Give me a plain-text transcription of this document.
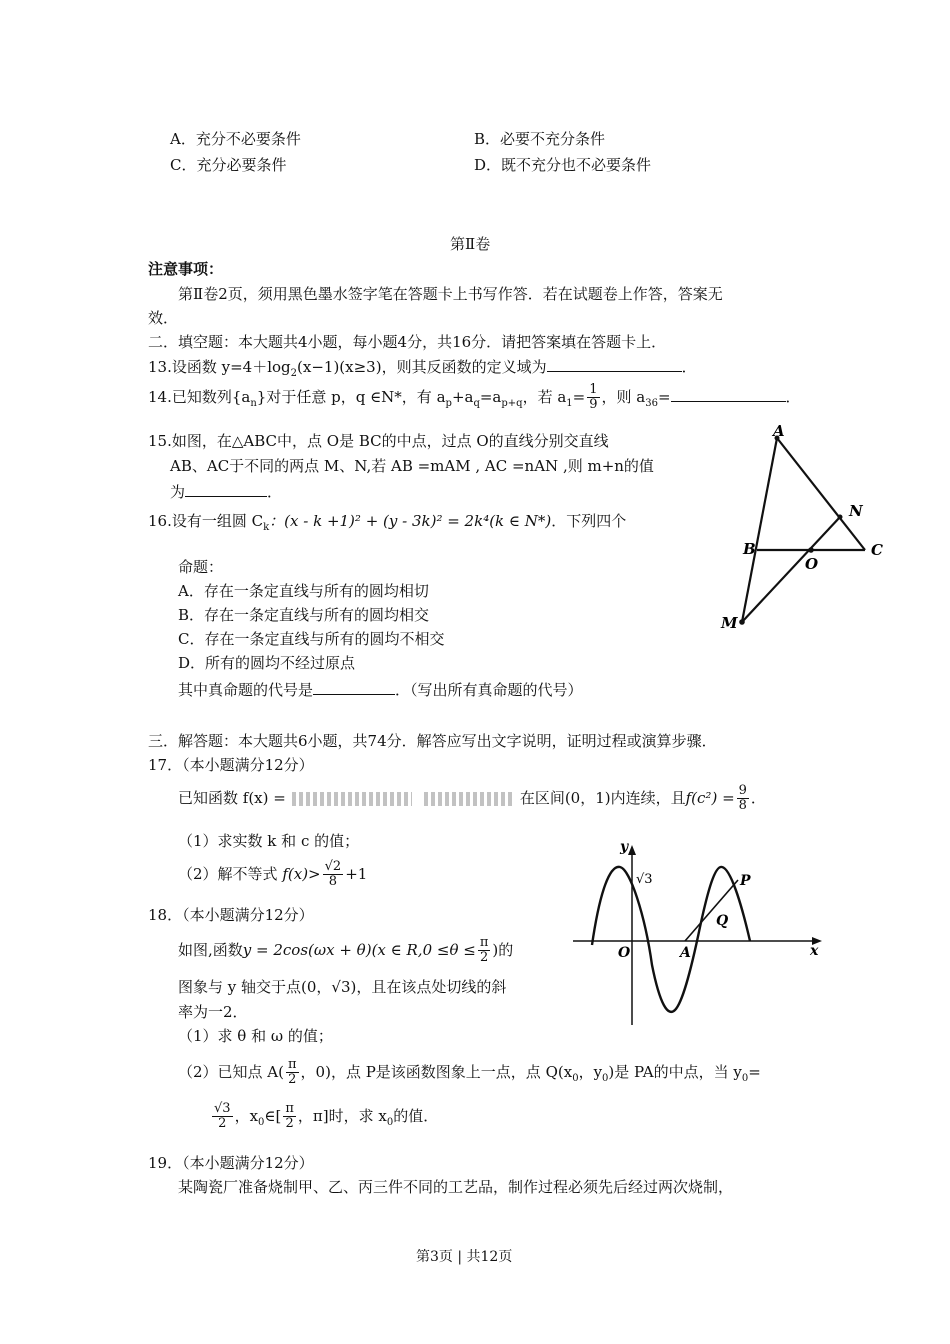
A．充分不必要条件	B．必要不充分条件
C．充分必要条件	D．既不充分也不必要条件
第Ⅱ卷
注意事项：
第Ⅱ卷2页，须用黑色墨水签字笔在答题卡上书写作答．若在试题卷上作答，答案无
效．
二．填空题：本大题共4小题，每小题4分，共16分．请把答案填在答题卡上．
13.设函数 $y=4+\log_2(x-1)(x\ge 3)$，则其反函数的定义域为	．
14.已知数列$\{a_n\}$对于任意 p，q ∈N*，有 $a_p+a_q=a_{p+q}$，若 $a_1= \frac{1}{9}$ ，则 $a_{36}=$	．
15.如图，在△ABC中，点 O是 BC的中点，过点 O的直线分别交直线
AB、AC于不同的两点 M、N,若 AB =mAM , AC =nAN ,则 m+n的值
为	．
16.设有一组圆 $C_k$：(x - k +1)² + (y - 3k)² = 2k⁴(k ∈ N*)．下列四个
命题：
A．存在一条定直线与所有的圆均相切
B．存在一条定直线与所有的圆均相交
C．存在一条定直线与所有的圆均不相交
D．所有的圆均不经过原点
其中真命题的代号是	．（写出所有真命题的代号）
A
N
B	C
O
M
三．解答题：本大题共6小题，共74分．解答应写出文字说明，证明过程或演算步骤．
17．（本小题满分12分）
已知函数 f(x) =	在区间(0，1)内连续，且$f(c^2) = \frac{9}{8}$ ．
（1）求实数 k 和 c 的值；
（2）解不等式 $f(x)> \frac{√2}{8} +1$
18．（本小题满分12分）
如图,函数y = 2cos(ωx + θ)(x ∈ $R,0 \le\theta \le \frac{\pi}{2}$ )的
图象与 y 轴交于点(0，√3)，且在该点处切线的斜
率为一2．
（1）求 θ 和 ω 的值；
（2）已知点 $A( \frac{\pi}{2}$ ，0)，点 P是该函数图象上一点，点 $Q(x_0$，$y_0$)是 PA的中点，当 $y_0=$
$\frac{√3}{2}$ ，$x_0\in[ \frac{\pi}{2}$ ，π]时，求 $x_0$的值．
y
√3	P
Q
O	A	x
19．（本小题满分12分）
某陶瓷厂准备烧制甲、乙、丙三件不同的工艺品，制作过程必须先后经过两次烧制，
第3页 | 共12页
